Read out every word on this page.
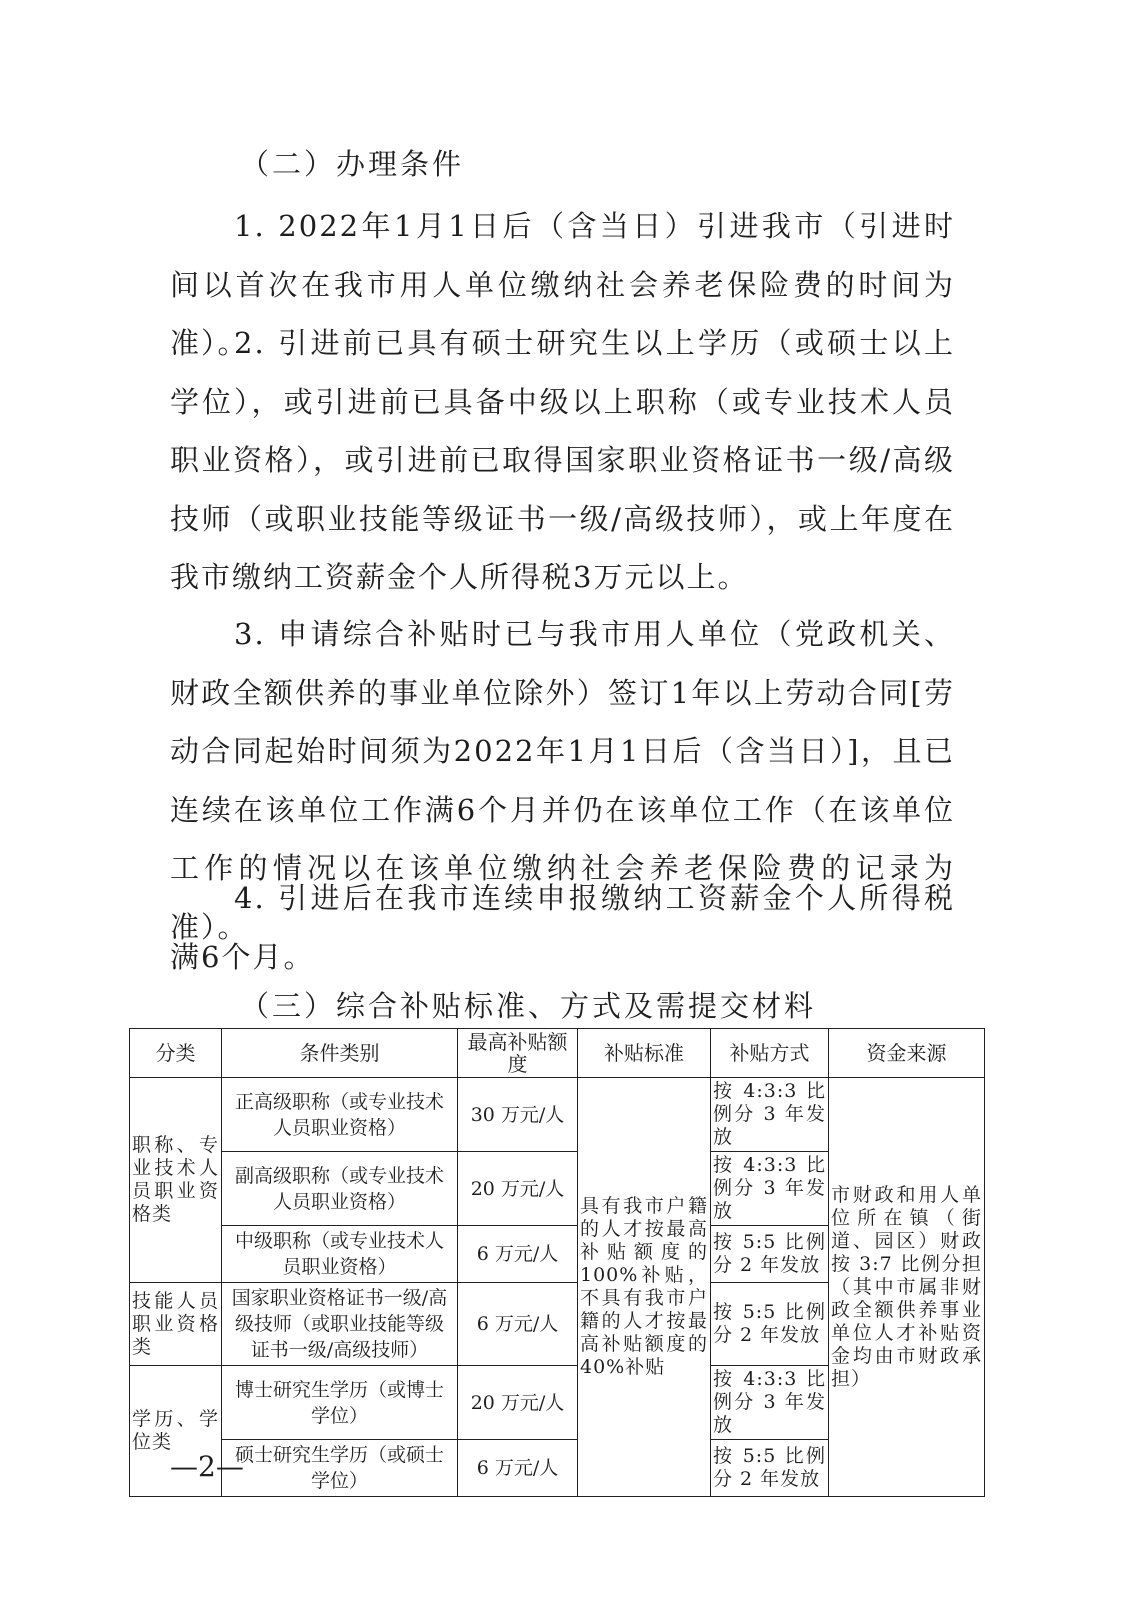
（二）办理条件

1. 2022年1月1日后（含当日）引进我市（引进时间以首次在我市用人单位缴纳社会养老保险费的时间为准）。

2. 引进前已具有硕士研究生以上学历（或硕士以上学位），或引进前已具备中级以上职称（或专业技术人员职业资格），或引进前已取得国家职业资格证书一级/高级技师（或职业技能等级证书一级/高级技师），或上年度在我市缴纳工资薪金个人所得税3万元以上。

3. 申请综合补贴时已与我市用人单位（党政机关、财政全额供养的事业单位除外）签订1年以上劳动合同[劳动合同起始时间须为2022年1月1日后（含当日）]，且已连续在该单位工作满6个月并仍在该单位工作（在该单位工作的情况以在该单位缴纳社会养老保险费的记录为准）。

4. 引进后在我市连续申报缴纳工资薪金个人所得税满6个月。

（三）综合补贴标准、方式及需提交材料
分类	条件类别	最高补贴额度	补贴标准	补贴方式	资金来源
职称、专业技术人员职业资格类	正高级职称（或专业技术人员职业资格）	30 万元/人	具有我市户籍的人才按最高补贴额度的100%补贴，不具有我市户籍的人才按最高补贴额度的40%补贴	按 4:3:3 比例分 3 年发放	市财政和用人单位所在镇（街道、园区）财政按 3:7 比例分担（其中市属非财政全额供养事业单位人才补贴资金均由市财政承担）
	副高级职称（或专业技术人员职业资格）	20 万元/人		按 4:3:3 比例分 3 年发放	
	中级职称（或专业技术人员职业资格）	6 万元/人		按 5:5 比例分 2 年发放	
技能人员职业资格类	国家职业资格证书一级/高级技师（或职业技能等级证书一级/高级技师）	6 万元/人		按 5:5 比例分 2 年发放	
学历、学位类	博士研究生学历（或博士学位）	20 万元/人		按 4:3:3 比例分 3 年发放	
	硕士研究生学历（或硕士学位）	6 万元/人		按 5:5 比例分 2 年发放	
—2—
